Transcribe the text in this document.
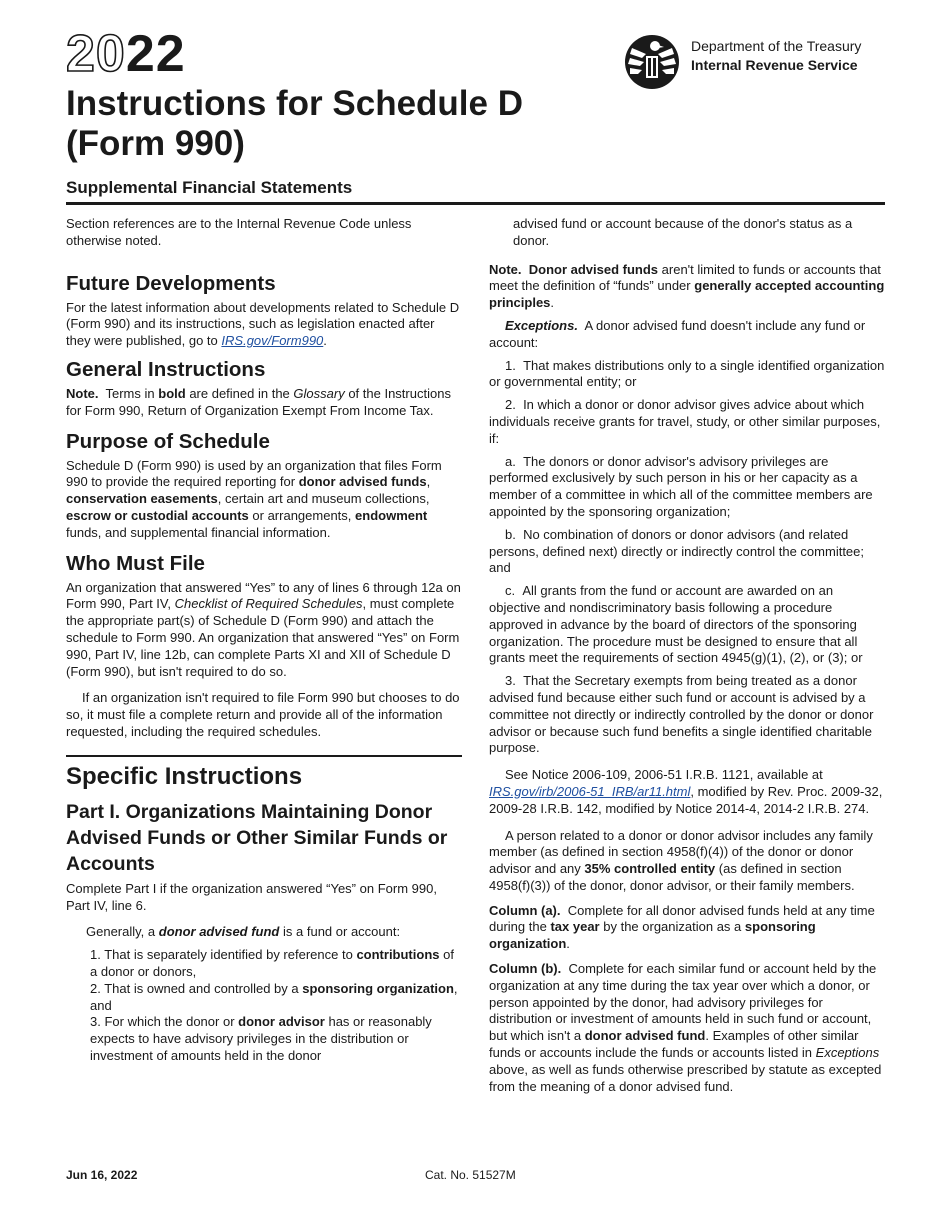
2022	Department of the Treasury
Internal Revenue Service
Instructions for Schedule D
(Form 990)
Supplemental Financial Statements

Section references are to the Internal Revenue Code unless otherwise noted.

Future Developments

For the latest information about developments related to Schedule D (Form 990) and its instructions, such as legislation enacted after they were published, go to IRS.gov/Form990.

General Instructions

Note. Terms in bold are defined in the Glossary of the Instructions for Form 990, Return of Organization Exempt From Income Tax.

Purpose of Schedule

Schedule D (Form 990) is used by an organization that files Form 990 to provide the required reporting for donor advised funds, conservation easements, certain art and museum collections, escrow or custodial accounts or arrangements, endowment funds, and supplemental financial information.

Who Must File

An organization that answered “Yes” to any of lines 6 through 12a on Form 990, Part IV, Checklist of Required Schedules, must complete the appropriate part(s) of Schedule D (Form 990) and attach the schedule to Form 990. An organization that answered “Yes” on Form 990, Part IV, line 12b, can complete Parts XI and XII of Schedule D (Form 990), but isn't required to do so.

If an organization isn't required to file Form 990 but chooses to do so, it must file a complete return and provide all of the information requested, including the required schedules.

Specific Instructions
Part I. Organizations Maintaining Donor Advised Funds or Other Similar Funds or Accounts

Complete Part I if the organization answered “Yes” on Form 990, Part IV, line 6.

Generally, a donor advised fund is a fund or account:

1. That is separately identified by reference to contributions of a donor or donors,
2. That is owned and controlled by a sponsoring organization, and
3. For which the donor or donor advisor has or reasonably expects to have advisory privileges in the distribution or investment of amounts held in the donor

advised fund or account because of the donor's status as a donor.

Note. Donor advised funds aren't limited to funds or accounts that meet the definition of “funds” under generally accepted accounting principles.

Exceptions. A donor advised fund doesn't include any fund or account:

1.  That makes distributions only to a single identified organization or governmental entity; or

2.  In which a donor or donor advisor gives advice about which individuals receive grants for travel, study, or other similar purposes, if:

a.  The donors or donor advisor's advisory privileges are performed exclusively by such person in his or her capacity as a member of a committee in which all of the committee members are appointed by the sponsoring organization;

b.  No combination of donors or donor advisors (and related persons, defined next) directly or indirectly control the committee; and

c.  All grants from the fund or account are awarded on an objective and nondiscriminatory basis following a procedure approved in advance by the board of directors of the sponsoring organization. The procedure must be designed to ensure that all grants meet the requirements of section 4945(g)(1), (2), or (3); or

3.  That the Secretary exempts from being treated as a donor advised fund because either such fund or account is advised by a committee not directly or indirectly controlled by the donor or donor advisor or because such fund benefits a single identified charitable purpose.

See Notice 2006-109, 2006-51 I.R.B. 1121, available at IRS.gov/irb/2006-51_IRB/ar11.html, modified by Rev. Proc. 2009-32, 2009-28 I.R.B. 142, modified by Notice 2014-4, 2014-2 I.R.B. 274.

A person related to a donor or donor advisor includes any family member (as defined in section 4958(f)(4)) of the donor or donor advisor and any 35% controlled entity (as defined in section 4958(f)(3)) of the donor, donor advisor, or their family members.

Column (a). Complete for all donor advised funds held at any time during the tax year by the organization as a sponsoring organization.

Column (b). Complete for each similar fund or account held by the organization at any time during the tax year over which a donor, or person appointed by the donor, had advisory privileges for distribution or investment of amounts held in such fund or account, but which isn't a donor advised fund. Examples of other similar funds or accounts include the funds or accounts listed in Exceptions above, as well as funds otherwise prescribed by statute as excepted from the meaning of a donor advised fund.

Jun 16, 2022	Cat. No. 51527M
